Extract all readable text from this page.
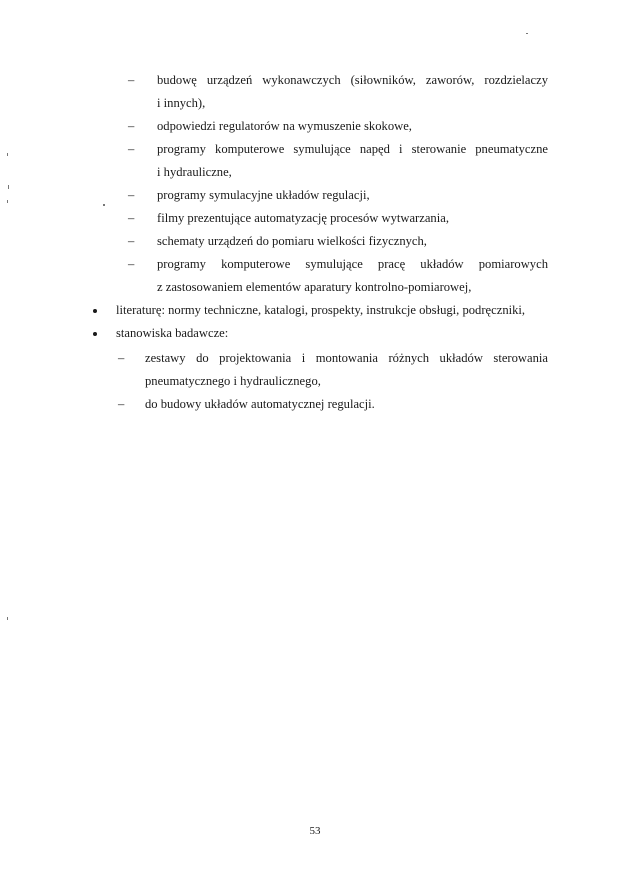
– budowę urządzeń wykonawczych (siłowników, zaworów, rozdzielaczy
i innych),
– odpowiedzi regulatorów na wymuszenie skokowe,
– programy komputerowe symulujące napęd i sterowanie pneumatyczne
i hydrauliczne,
– programy symulacyjne układów regulacji,
– filmy prezentujące automatyzację procesów wytwarzania,
– schematy urządzeń do pomiaru wielkości fizycznych,
– programy komputerowe symulujące pracę układów pomiarowych
z zastosowaniem elementów aparatury kontrolno-pomiarowej,
literaturę: normy techniczne, katalogi, prospekty, instrukcje obsługi, podręczniki,
stanowiska badawcze:
– zestawy do projektowania i montowania różnych układów sterowania
pneumatycznego i hydraulicznego,
– do budowy układów automatycznej regulacji.
53
